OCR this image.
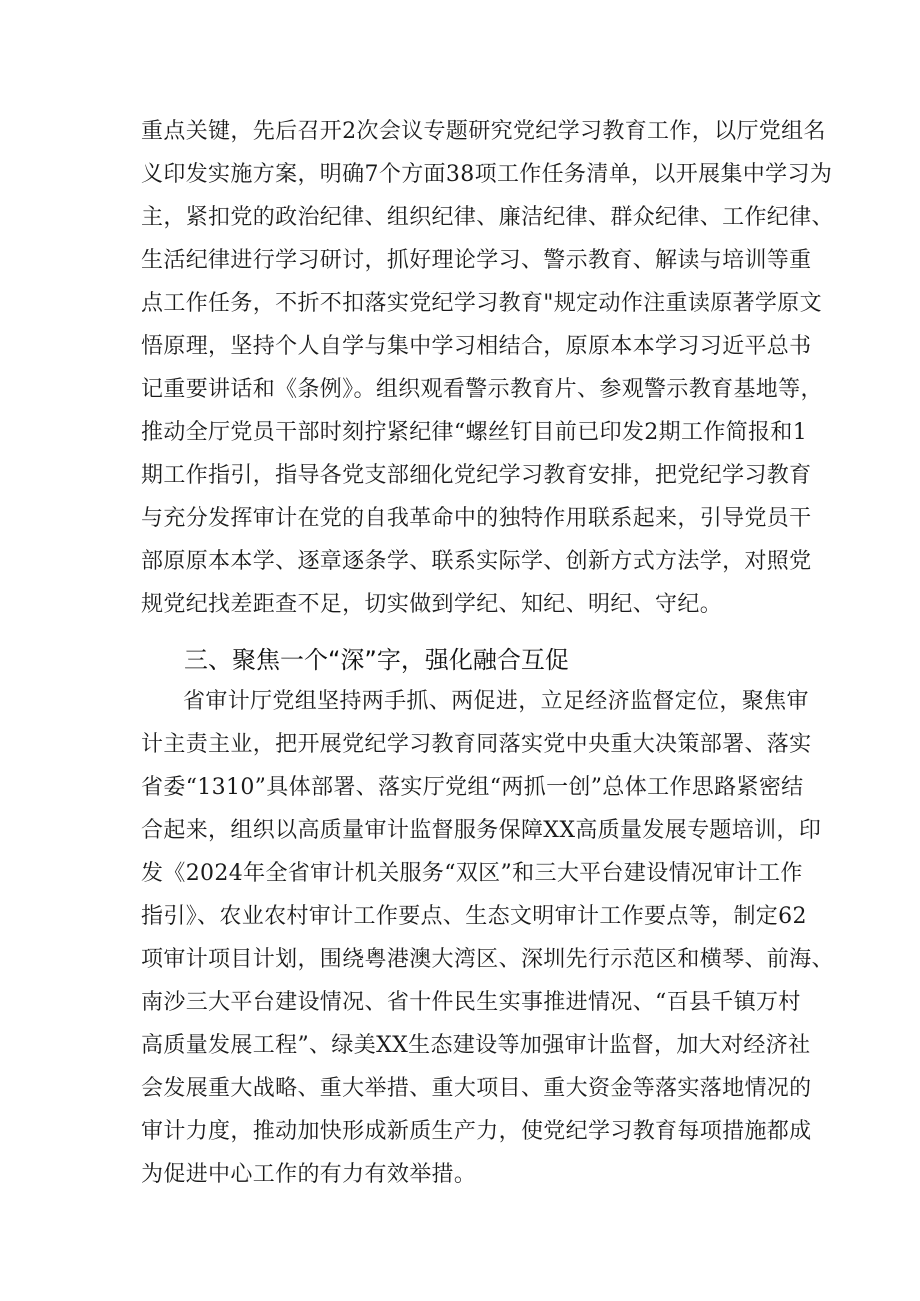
重点关键，先后召开2次会议专题研究党纪学习教育工作，以厅党组名
义印发实施方案，明确7个方面38项工作任务清单，以开展集中学习为
主，紧扣党的政治纪律、组织纪律、廉洁纪律、群众纪律、工作纪律、
生活纪律进行学习研讨，抓好理论学习、警示教育、解读与培训等重
点工作任务，不折不扣落实党纪学习教育"规定动作注重读原著学原文
悟原理，坚持个人自学与集中学习相结合，原原本本学习习近平总书
记重要讲话和《条例》。组织观看警示教育片、参观警示教育基地等，
推动全厅党员干部时刻拧紧纪律“螺丝钉目前已印发2期工作简报和1
期工作指引，指导各党支部细化党纪学习教育安排，把党纪学习教育
与充分发挥审计在党的自我革命中的独特作用联系起来，引导党员干
部原原本本学、逐章逐条学、联系实际学、创新方式方法学，对照党
规党纪找差距查不足，切实做到学纪、知纪、明纪、守纪。
三、聚焦一个“深”字，强化融合互促
省审计厅党组坚持两手抓、两促进，立足经济监督定位，聚焦审
计主责主业，把开展党纪学习教育同落实党中央重大决策部署、落实
省委“1310”具体部署、落实厅党组“两抓一创”总体工作思路紧密结
合起来，组织以高质量审计监督服务保障XX高质量发展专题培训，印
发《2024年全省审计机关服务“双区”和三大平台建设情况审计工作
指引》、农业农村审计工作要点、生态文明审计工作要点等，制定62
项审计项目计划，围绕粤港澳大湾区、深圳先行示范区和横琴、前海、
南沙三大平台建设情况、省十件民生实事推进情况、“百县千镇万村
高质量发展工程”、绿美XX生态建设等加强审计监督，加大对经济社
会发展重大战略、重大举措、重大项目、重大资金等落实落地情况的
审计力度，推动加快形成新质生产力，使党纪学习教育每项措施都成
为促进中心工作的有力有效举措。
